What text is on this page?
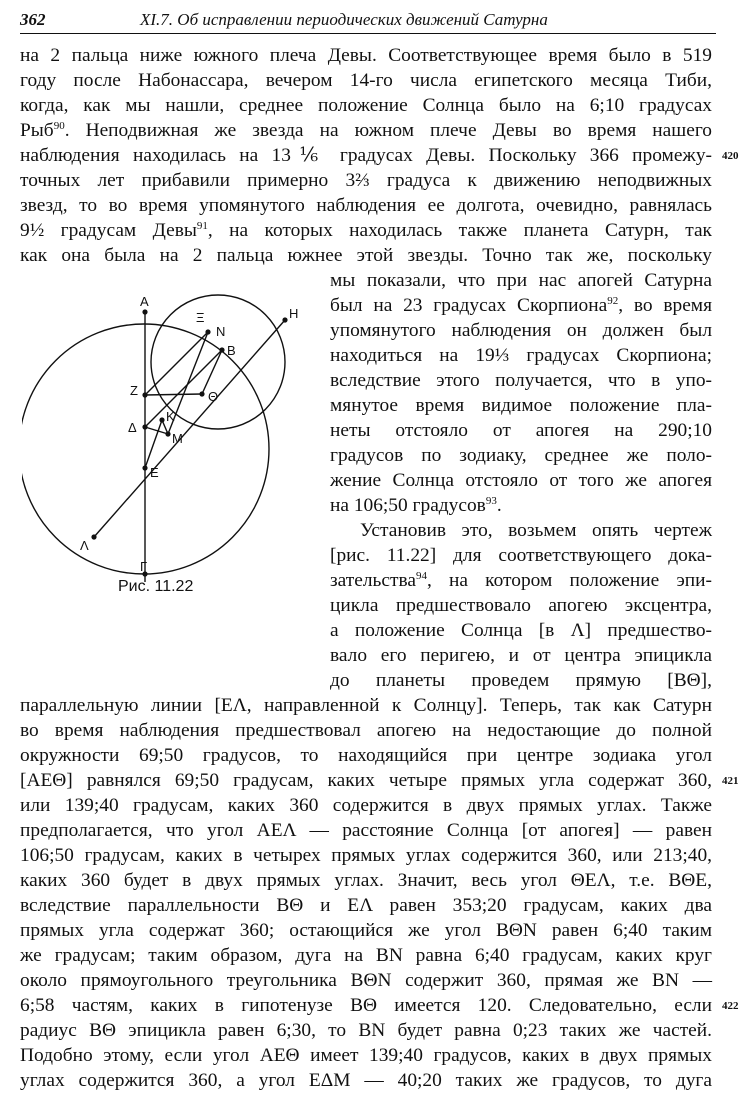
362	XI.7. Об исправлении периодических движений Сатурна
на 2 пальца ниже южного плеча Девы. Соответствующее время было в 519
году после Набонассара, вечером 14-го числа египетского месяца Тиби,
когда, как мы нашли, среднее положение Солнца было на 6;10 градусах
Рыб$^{90}$. Неподвижная же звезда на южном плече Девы во время нашего
наблюдения находилась на 13⅙ градусах Девы. Поскольку 366 промежу- 420
точных лет прибавили примерно 3⅔ градуса к движению неподвижных
звезд, то во время упомянутого наблюдения ее долгота, очевидно, равнялась
9½ градусам Девы$^{91}$, на которых находилась также планета Сатурн, так
как она была на 2 пальца южнее этой звезды. Точно так же, поскольку
мы показали, что при нас апогей Сатурна
был на 23 градусах Скорпиона$^{92}$, во время
упомянутого наблюдения он должен был
находиться на 19⅓ градусах Скорпиона;
вследствие этого получается, что в упо-
мянутое время видимое положение пла-
неты отстояло от апогея на 290;10
градусов по зодиаку, среднее же поло-
жение Солнца отстояло от того же апогея
на 106;50 градусов$^{93}$.
Установив это, возьмем опять чертеж
[рис. 11.22] для соответствующего дока-
зательства$^{94}$, на котором положение эпи-
цикла предшествовало апогею эксцентра,
а положение Солнца [в Λ] предшество-
вало его перигею, и от центра эпицикла
до планеты проведем прямую [ΒΘ],
A
Ξ
N
H
B
Z	Θ
K
Δ
M
E
Λ
Γ
Рис. 11.22
параллельную линии [ΕΛ, направленной к Солнцу]. Теперь, так как Сатурн
во время наблюдения предшествовал апогею на недостающие до полной
окружности 69;50 градусов, то находящийся при центре зодиака угол
[ΑΕΘ] равнялся 69;50 градусам, каких четыре прямых угла содержат 360, 421
или 139;40 градусам, каких 360 содержится в двух прямых углах. Также
предполагается, что угол ΑΕΛ — расстояние Солнца [от апогея] — равен
106;50 градусам, каких в четырех прямых углах содержится 360, или 213;40,
каких 360 будет в двух прямых углах. Значит, весь угол ΘΕΛ, т.е. ΒΘΕ,
вследствие параллельности ΒΘ и ΕΛ равен 353;20 градусам, каких два
прямых угла содержат 360; остающийся же угол ΒΘΝ равен 6;40 таким
же градусам; таким образом, дуга на ΒΝ равна 6;40 градусам, каких круг
около прямоугольного треугольника ΒΘΝ содержит 360, прямая же ΒΝ —
6;58 частям, каких в гипотенузе ΒΘ имеется 120. Следовательно, если 422
радиус ΒΘ эпицикла равен 6;30, то ΒΝ будет равна 0;23 таких же частей.
Подобно этому, если угол ΑΕΘ имеет 139;40 градусов, каких в двух прямых
углах содержится 360, а угол ΕΔΜ — 40;20 таких же градусов, то дуга
